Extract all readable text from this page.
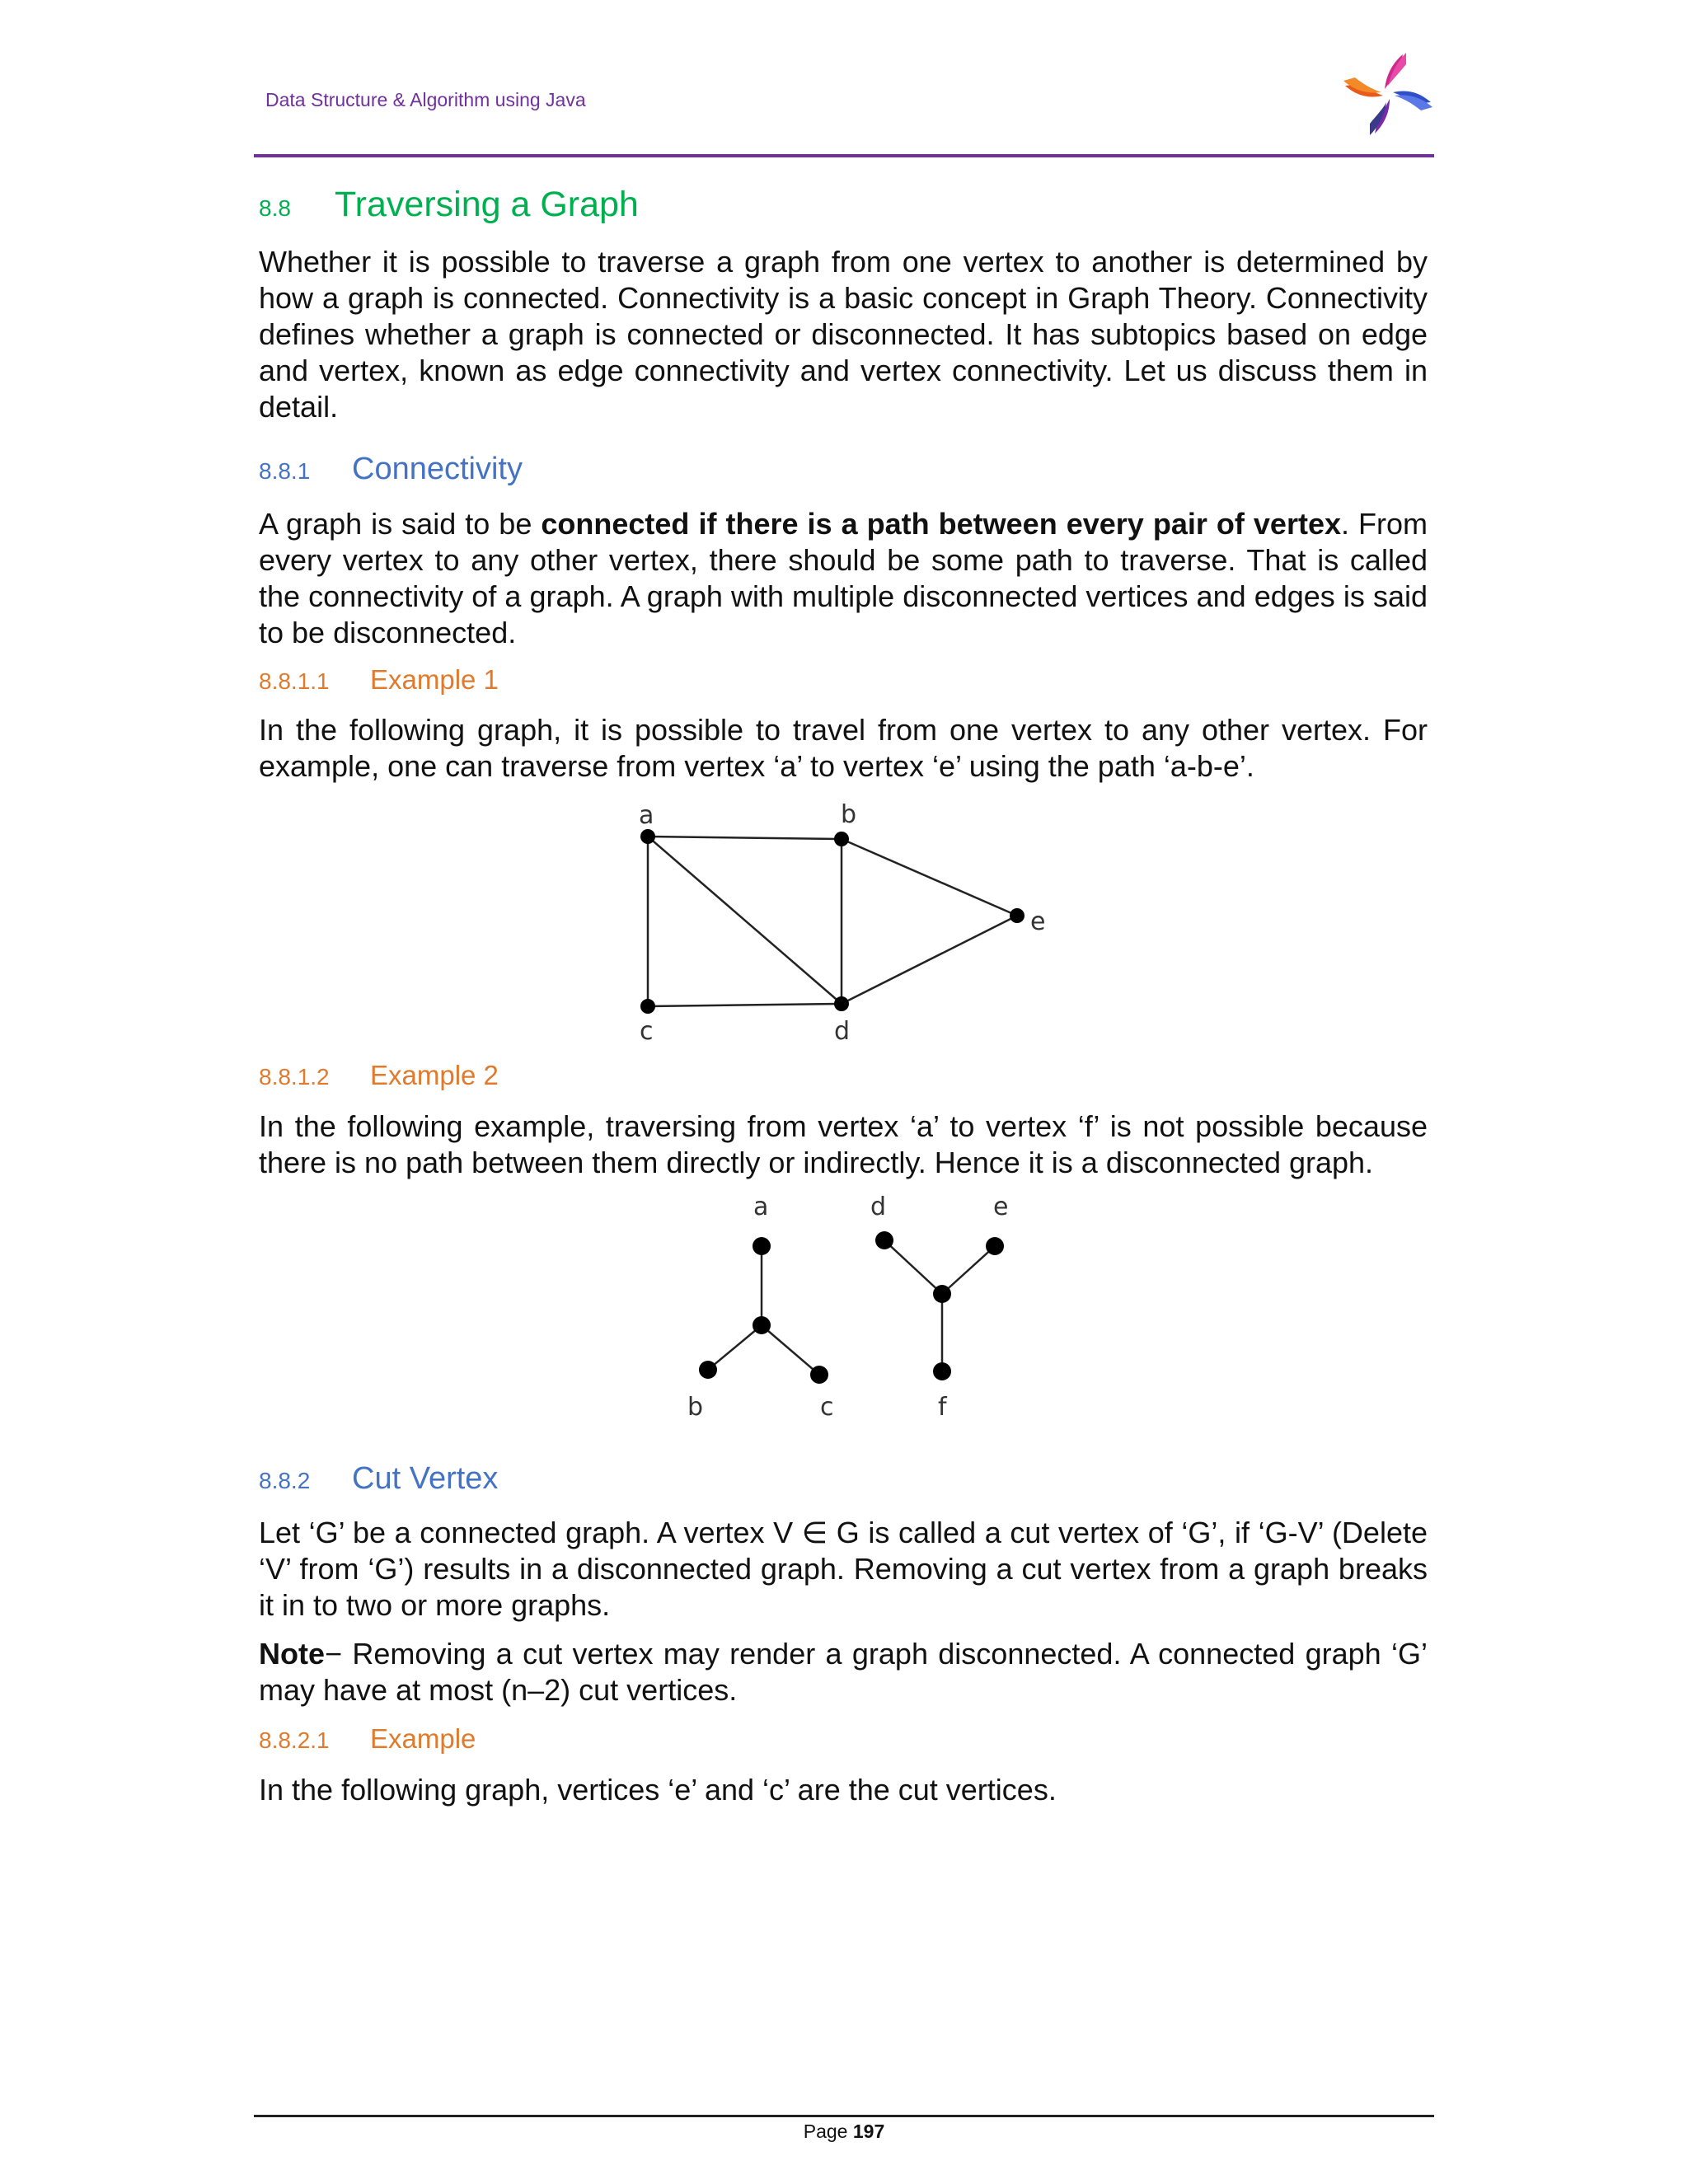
Data Structure & Algorithm using Java

8.8 Traversing a Graph

Whether it is possible to traverse a graph from one vertex to another is determined by how a graph is connected. Connectivity is a basic concept in Graph Theory. Connectivity defines whether a graph is connected or disconnected. It has subtopics based on edge and vertex, known as edge connectivity and vertex connectivity. Let us discuss them in detail.

8.8.1 Connectivity

A graph is said to be connected if there is a path between every pair of vertex. From every vertex to any other vertex, there should be some path to traverse. That is called the connectivity of a graph. A graph with multiple disconnected vertices and edges is said to be disconnected.

8.8.1.1 Example 1

In the following graph, it is possible to travel from one vertex to any other vertex. For example, one can traverse from vertex ‘a’ to vertex ‘e’ using the path ‘a-b-e’.

a	b
c	d
e
8.8.1.2 Example 2

In the following example, traversing from vertex ‘a’ to vertex ‘f’ is not possible because there is no path between them directly or indirectly. Hence it is a disconnected graph.

a
b	c
d	e
f
8.8.2 Cut Vertex

Let ‘G’ be a connected graph. A vertex V ∈ G is called a cut vertex of ‘G’, if ‘G-V’ (Delete ‘V’ from ‘G’) results in a disconnected graph. Removing a cut vertex from a graph breaks it in to two or more graphs.

Note− Removing a cut vertex may render a graph disconnected. A connected graph ‘G’ may have at most (n–2) cut vertices.

8.8.2.1 Example

In the following graph, vertices ‘e’ and ‘c’ are the cut vertices.

Page 197
